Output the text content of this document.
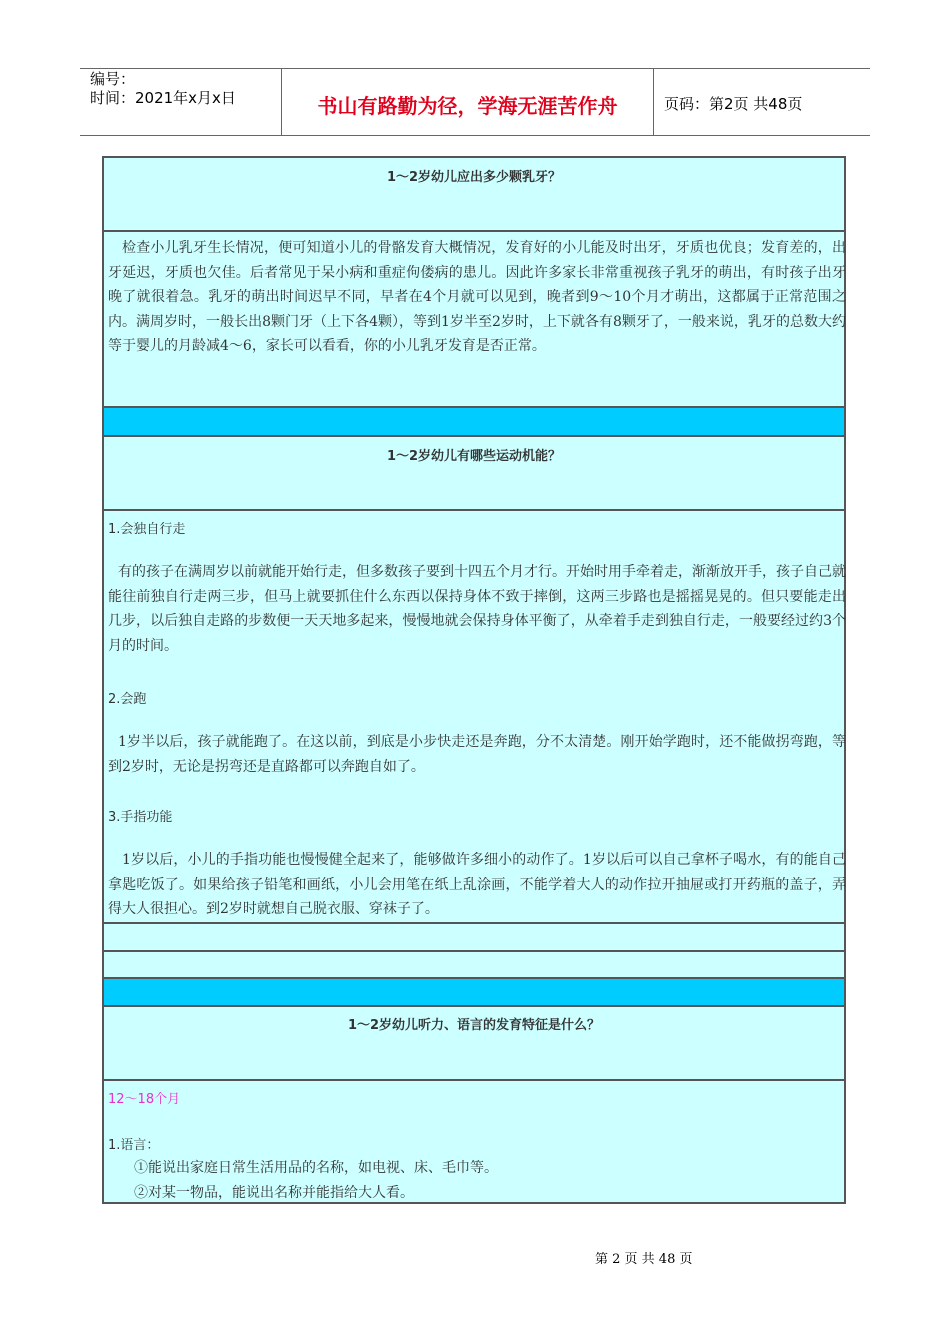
编号：
时间：2021年x月x日	书山有路勤为径，学海无涯苦作舟	页码：第2页 共48页
1～2岁幼儿应出多少颗乳牙？
检查小儿乳牙生长情况，便可知道小儿的骨骼发育大概情况，发育好的小儿能及时出牙，牙质也优良；发育差的，出牙延迟，牙质也欠佳。后者常见于呆小病和重症佝偻病的患儿。因此许多家长非常重视孩子乳牙的萌出，有时孩子出牙晚了就很着急。乳牙的萌出时间迟早不同，早者在4个月就可以见到，晚者到9～10个月才萌出，这都属于正常范围之内。满周岁时，一般长出8颗门牙（上下各4颗），等到1岁半至2岁时，上下就各有8颗牙了，一般来说，乳牙的总数大约等于婴儿的月龄减4～6，家长可以看看，你的小儿乳牙发育是否正常。
1～2岁幼儿有哪些运动机能？
1.会独自行走
有的孩子在满周岁以前就能开始行走，但多数孩子要到十四五个月才行。开始时用手牵着走，渐渐放开手，孩子自己就能往前独自行走两三步，但马上就要抓住什么东西以保持身体不致于摔倒，这两三步路也是摇摇晃晃的。但只要能走出几步，以后独自走路的步数便一天天地多起来，慢慢地就会保持身体平衡了，从牵着手走到独自行走，一般要经过约3个月的时间。
2.会跑
1岁半以后，孩子就能跑了。在这以前，到底是小步快走还是奔跑，分不太清楚。刚开始学跑时，还不能做拐弯跑，等到2岁时，无论是拐弯还是直路都可以奔跑自如了。
3.手指功能
1岁以后，小儿的手指功能也慢慢健全起来了，能够做许多细小的动作了。1岁以后可以自己拿杯子喝水，有的能自己拿匙吃饭了。如果给孩子铅笔和画纸，小儿会用笔在纸上乱涂画，不能学着大人的动作拉开抽屉或打开药瓶的盖子，弄得大人很担心。到2岁时就想自己脱衣服、穿袜子了。
1～2岁幼儿听力、语言的发育特征是什么？
12～18个月
1.语言：
①能说出家庭日常生活用品的名称，如电视、床、毛巾等。
②对某一物品，能说出名称并能指给大人看。
第 2 页 共 48 页
